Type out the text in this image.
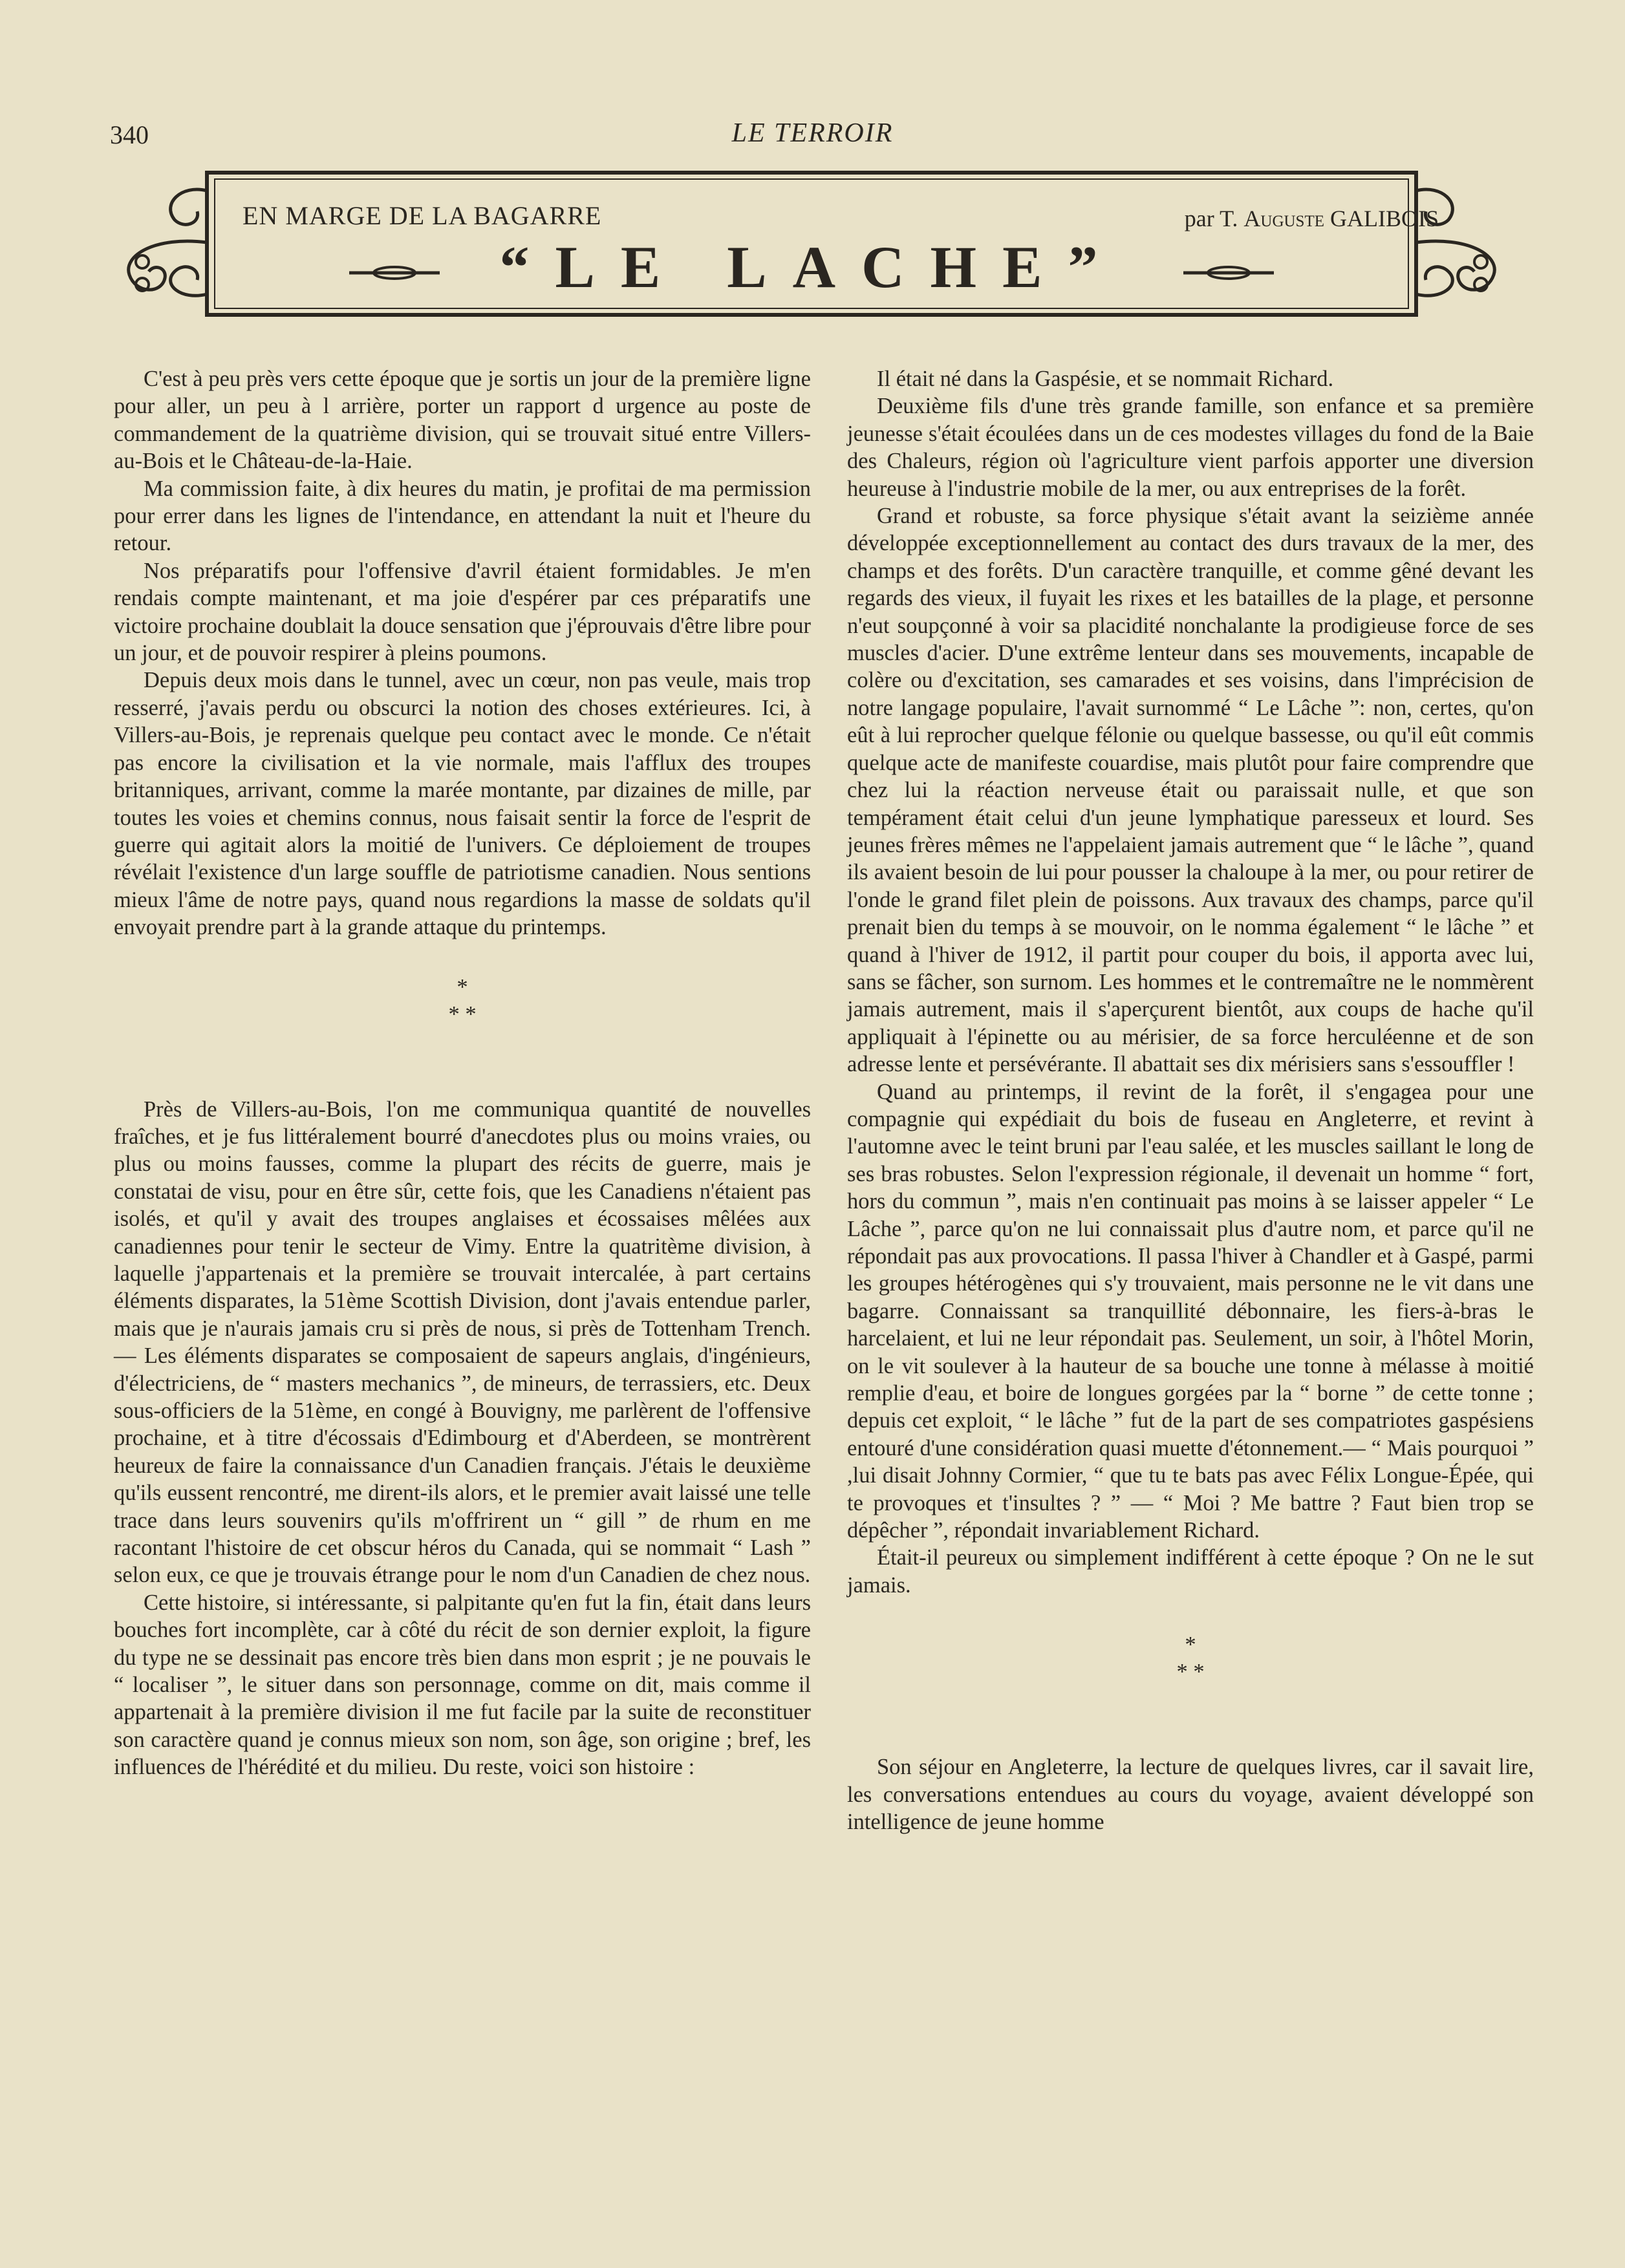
340	LE TERROIR
EN MARGE DE LA BAGARRE	par T. Auguste GALIBOIS
“LE LACHE”

C'est à peu près vers cette époque que je sortis un jour de la première ligne pour aller, un peu à l arrière, porter un rapport d urgence au poste de commandement de la quatrième division, qui se trouvait situé entre Villers-au-Bois et le Château-de-la-Haie.

Ma commission faite, à dix heures du matin, je profitai de ma permission pour errer dans les lignes de l'intendance, en attendant la nuit et l'heure du retour.

Nos préparatifs pour l'offensive d'avril étaient formidables. Je m'en rendais compte maintenant, et ma joie d'espérer par ces préparatifs une victoire prochaine doublait la douce sensation que j'éprouvais d'être libre pour un jour, et de pouvoir respirer à pleins poumons.

Depuis deux mois dans le tunnel, avec un cœur, non pas veule, mais trop resserré, j'avais perdu ou obscurci la notion des choses extérieures. Ici, à Villers-au-Bois, je reprenais quelque peu contact avec le monde. Ce n'était pas encore la civilisation et la vie normale, mais l'afflux des troupes britanniques, arrivant, comme la marée montante, par dizaines de mille, par toutes les voies et chemins connus, nous faisait sentir la force de l'esprit de guerre qui agitait alors la moitié de l'univers. Ce déploiement de troupes révélait l'existence d'un large souffle de patriotisme canadien. Nous sentions mieux l'âme de notre pays, quand nous regardions la masse de soldats qu'il envoyait prendre part à la grande attaque du printemps.

*
* *

Près de Villers-au-Bois, l'on me communiqua quantité de nouvelles fraîches, et je fus littéralement bourré d'anecdotes plus ou moins vraies, ou plus ou moins fausses, comme la plupart des récits de guerre, mais je constatai de visu, pour en être sûr, cette fois, que les Canadiens n'étaient pas isolés, et qu'il y avait des troupes anglaises et écossaises mêlées aux canadiennes pour tenir le secteur de Vimy. Entre la quatritème division, à laquelle j'appartenais et la première se trouvait intercalée, à part certains éléments disparates, la 51ème Scottish Division, dont j'avais entendue parler, mais que je n'aurais jamais cru si près de nous, si près de Tottenham Trench.— Les éléments disparates se composaient de sapeurs anglais, d'ingénieurs, d'électriciens, de “ masters mechanics ”, de mineurs, de terrassiers, etc. Deux sous-officiers de la 51ème, en congé à Bouvigny, me parlèrent de l'offensive prochaine, et à titre d'écossais d'Edimbourg et d'Aberdeen, se montrèrent heureux de faire la connaissance d'un Canadien français. J'étais le deuxième qu'ils eussent rencontré, me dirent-ils alors, et le premier avait laissé une telle trace dans leurs souvenirs qu'ils m'offrirent un “ gill ” de rhum en me racontant l'histoire de cet obscur héros du Canada, qui se nommait “ Lash ” selon eux, ce que je trouvais étrange pour le nom d'un Canadien de chez nous.

Cette histoire, si intéressante, si palpitante qu'en fut la fin, était dans leurs bouches fort incomplète, car à côté du récit de son dernier exploit, la figure du type ne se dessinait pas encore très bien dans mon esprit ; je ne pouvais le “ localiser ”, le situer dans son personnage, comme on dit, mais comme il appartenait à la première division il me fut facile par la suite de reconstituer son caractère quand je connus mieux son nom, son âge, son origine ; bref, les influences de l'hérédité et du milieu. Du reste, voici son histoire :

Il était né dans la Gaspésie, et se nommait Richard.

Deuxième fils d'une très grande famille, son enfance et sa première jeunesse s'était écoulées dans un de ces modestes villages du fond de la Baie des Chaleurs, région où l'agriculture vient parfois apporter une diversion heureuse à l'industrie mobile de la mer, ou aux entreprises de la forêt.

Grand et robuste, sa force physique s'était avant la seizième année développée exceptionnellement au contact des durs travaux de la mer, des champs et des forêts. D'un caractère tranquille, et comme gêné devant les regards des vieux, il fuyait les rixes et les batailles de la plage, et personne n'eut soupçonné à voir sa placidité nonchalante la prodigieuse force de ses muscles d'acier. D'une extrême lenteur dans ses mouvements, incapable de colère ou d'excitation, ses camarades et ses voisins, dans l'imprécision de notre langage populaire, l'avait surnommé “ Le Lâche ”: non, certes, qu'on eût à lui reprocher quelque félonie ou quelque bassesse, ou qu'il eût commis quelque acte de manifeste couardise, mais plutôt pour faire comprendre que chez lui la réaction nerveuse était ou paraissait nulle, et que son tempérament était celui d'un jeune lymphatique paresseux et lourd. Ses jeunes frères mêmes ne l'appelaient jamais autrement que “ le lâche ”, quand ils avaient besoin de lui pour pousser la chaloupe à la mer, ou pour retirer de l'onde le grand filet plein de poissons. Aux travaux des champs, parce qu'il prenait bien du temps à se mouvoir, on le nomma également “ le lâche ” et quand à l'hiver de 1912, il partit pour couper du bois, il apporta avec lui, sans se fâcher, son surnom. Les hommes et le contremaître ne le nommèrent jamais autrement, mais il s'aperçurent bientôt, aux coups de hache qu'il appliquait à l'épinette ou au mérisier, de sa force herculéenne et de son adresse lente et persévérante. Il abattait ses dix mérisiers sans s'essouffler !

Quand au printemps, il revint de la forêt, il s'engagea pour une compagnie qui expédiait du bois de fuseau en Angleterre, et revint à l'automne avec le teint bruni par l'eau salée, et les muscles saillant le long de ses bras robustes. Selon l'expression régionale, il devenait un homme “ fort, hors du commun ”, mais n'en continuait pas moins à se laisser appeler “ Le Lâche ”, parce qu'on ne lui connaissait plus d'autre nom, et parce qu'il ne répondait pas aux provocations. Il passa l'hiver à Chandler et à Gaspé, parmi les groupes hétérogènes qui s'y trouvaient, mais personne ne le vit dans une bagarre. Connaissant sa tranquillité débonnaire, les fiers-à-bras le harcelaient, et lui ne leur répondait pas. Seulement, un soir, à l'hôtel Morin, on le vit soulever à la hauteur de sa bouche une tonne à mélasse à moitié remplie d'eau, et boire de longues gorgées par la “ borne ” de cette tonne ; depuis cet exploit, “ le lâche ” fut de la part de ses compatriotes gaspésiens entouré d'une considération quasi muette d'étonnement.— “ Mais pourquoi ” ,lui disait Johnny Cormier, “ que tu te bats pas avec Félix Longue-Épée, qui te provoques et t'insultes ? ” — “ Moi ? Me battre ? Faut bien trop se dépêcher ”, répondait invariablement Richard.

Était-il peureux ou simplement indifférent à cette époque ? On ne le sut jamais.

*
* *

Son séjour en Angleterre, la lecture de quelques livres, car il savait lire, les conversations entendues au cours du voyage, avaient développé son intelligence de jeune homme
